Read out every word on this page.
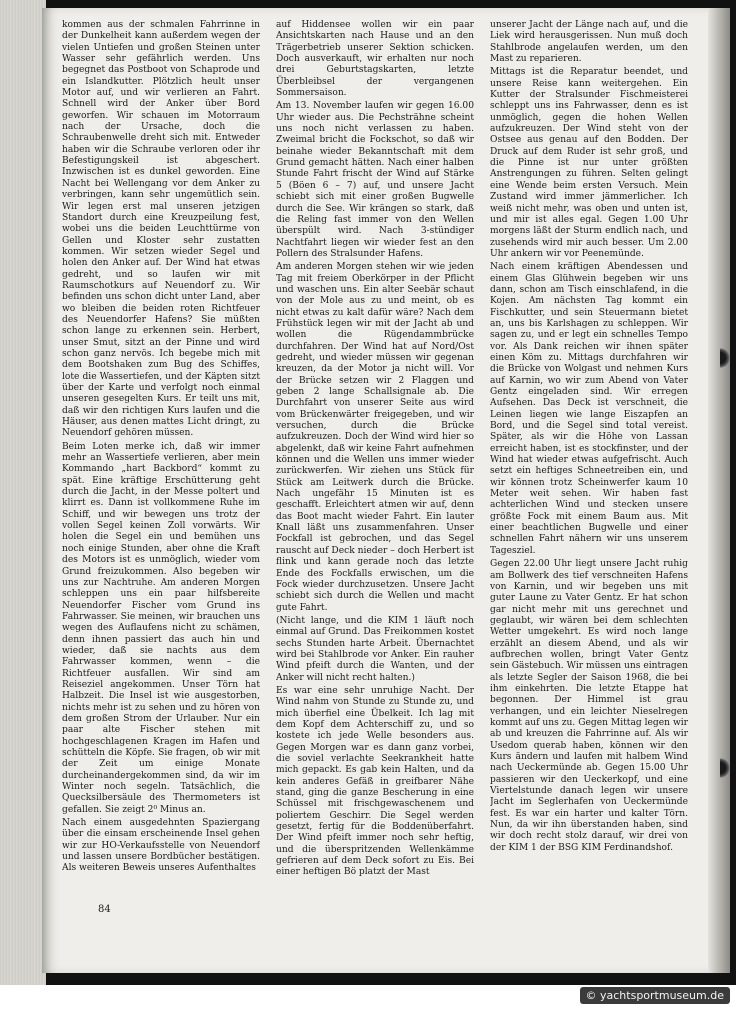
kommen aus der schmalen Fahrrinne in der Dunkelheit kann außerdem wegen der vielen Untiefen und großen Steinen unter Wasser sehr gefährlich werden. Uns begegnet das Postboot von Schaprode und ein Islandkutter. Plötzlich heult unser Motor auf, und wir verlieren an Fahrt. Schnell wird der Anker über Bord geworfen. Wir schauen im Motorraum nach der Ursache, doch die Schraubenwelle dreht sich mit. Entweder haben wir die Schraube verloren oder ihr Befestigungskeil ist abgeschert. Inzwischen ist es dunkel geworden. Eine Nacht bei Wellengang vor dem Anker zu verbringen, kann sehr ungemütlich sein. Wir legen erst mal unseren jetzigen Standort durch eine Kreuzpeilung fest, wobei uns die beiden Leuchttürme von Gellen und Kloster sehr zustatten kommen. Wir setzen wieder Segel und holen den Anker auf. Der Wind hat etwas gedreht, und so laufen wir mit Raumschotkurs auf Neuendorf zu. Wir befinden uns schon dicht unter Land, aber wo bleiben die beiden roten Richtfeuer des Neuendorfer Hafens? Sie müßten schon lange zu erkennen sein. Herbert, unser Smut, sitzt an der Pinne und wird schon ganz nervös. Ich begebe mich mit dem Bootshaken zum Bug des Schiffes, lote die Wassertiefen, und der Käpten sitzt über der Karte und verfolgt noch einmal unseren gesegelten Kurs. Er teilt uns mit, daß wir den richtigen Kurs laufen und die Häuser, aus denen mattes Licht dringt, zu Neuendorf gehören müssen.

Beim Loten merke ich, daß wir immer mehr an Wassertiefe verlieren, aber mein Kommando „hart Backbord“ kommt zu spät. Eine kräftige Erschütterung geht durch die Jacht, in der Messe poltert und klirrt es. Dann ist vollkommene Ruhe im Schiff, und wir bewegen uns trotz der vollen Segel keinen Zoll vorwärts. Wir holen die Segel ein und bemühen uns noch einige Stunden, aber ohne die Kraft des Motors ist es unmöglich, wieder vom Grund freizukommen. Also begeben wir uns zur Nachtruhe. Am anderen Morgen schleppen uns ein paar hilfsbereite Neuendorfer Fischer vom Grund ins Fahrwasser. Sie meinen, wir brauchen uns wegen des Auflaufens nicht zu schämen, denn ihnen passiert das auch hin und wieder, daß sie nachts aus dem Fahrwasser kommen, wenn – die Richtfeuer ausfallen. Wir sind am Reiseziel angekommen. Unser Törn hat Halbzeit. Die Insel ist wie ausgestorben, nichts mehr ist zu sehen und zu hören von dem großen Strom der Urlauber. Nur ein paar alte Fischer stehen mit hochgeschlagenen Kragen im Hafen und schütteln die Köpfe. Sie fragen, ob wir mit der Zeit um einige Monate durcheinandergekommen sind, da wir im Winter noch segeln. Tatsächlich, die Quecksilbersäule des Thermometers ist gefallen. Sie zeigt 2⁰ Minus an.

Nach einem ausgedehnten Spaziergang über die einsam erscheinende Insel gehen wir zur HO-Verkaufsstelle von Neuendorf und lassen unsere Bordbücher bestätigen. Als weiteren Beweis unseres Aufenthaltes

auf Hiddensee wollen wir ein paar Ansichtskarten nach Hause und an den Trägerbetrieb unserer Sektion schicken. Doch ausverkauft, wir erhalten nur noch drei Geburtstagskarten, letzte Überbleibsel der vergangenen Sommersaison.

Am 13. November laufen wir gegen 16.00 Uhr wieder aus. Die Pechsträhne scheint uns noch nicht verlassen zu haben. Zweimal bricht die Fockschot, so daß wir beinahe wieder Bekanntschaft mit dem Grund gemacht hätten. Nach einer halben Stunde Fahrt frischt der Wind auf Stärke 5 (Böen 6 – 7) auf, und unsere Jacht schiebt sich mit einer großen Bugwelle durch die See. Wir krängen so stark, daß die Reling fast immer von den Wellen überspült wird. Nach 3-stündiger Nachtfahrt liegen wir wieder fest an den Pollern des Stralsunder Hafens.

Am anderen Morgen stehen wir wie jeden Tag mit freiem Oberkörper in der Pflicht und waschen uns. Ein alter Seebär schaut von der Mole aus zu und meint, ob es nicht etwas zu kalt dafür wäre? Nach dem Frühstück legen wir mit der Jacht ab und wollen die Rügendammbrücke durchfahren. Der Wind hat auf Nord/Ost gedreht, und wieder müssen wir gegenan kreuzen, da der Motor ja nicht will. Vor der Brücke setzen wir 2 Flaggen und geben 2 lange Schallsignale ab. Die Durchfahrt von unserer Seite aus wird vom Brückenwärter freigegeben, und wir versuchen, durch die Brücke aufzukreuzen. Doch der Wind wird hier so abgelenkt, daß wir keine Fahrt aufnehmen können und die Wellen uns immer wieder zurückwerfen. Wir ziehen uns Stück für Stück am Leitwerk durch die Brücke. Nach ungefähr 15 Minuten ist es geschafft. Erleichtert atmen wir auf, denn das Boot macht wieder Fahrt. Ein lauter Knall läßt uns zusammenfahren. Unser Fockfall ist gebrochen, und das Segel rauscht auf Deck nieder – doch Herbert ist flink und kann gerade noch das letzte Ende des Fockfalls erwischen, um die Fock wieder durchzusetzen. Unsere Jacht schiebt sich durch die Wellen und macht gute Fahrt.

(Nicht lange, und die KIM 1 läuft noch einmal auf Grund. Das Freikommen kostet sechs Stunden harte Arbeit. Übernachtet wird bei Stahlbrode vor Anker. Ein rauher Wind pfeift durch die Wanten, und der Anker will nicht recht halten.)

Es war eine sehr unruhige Nacht. Der Wind nahm von Stunde zu Stunde zu, und mich überfiel eine Übelkeit. Ich lag mit dem Kopf dem Achterschiff zu, und so kostete ich jede Welle besonders aus. Gegen Morgen war es dann ganz vorbei, die soviel verlachte Seekrankheit hatte mich gepackt. Es gab kein Halten, und da kein anderes Gefäß in greifbarer Nähe stand, ging die ganze Bescherung in eine Schüssel mit frischgewaschenem und poliertem Geschirr. Die Segel werden gesetzt, fertig für die Boddenüberfahrt. Der Wind pfeift immer noch sehr heftig, und die überspritzenden Wellenkämme gefrieren auf dem Deck sofort zu Eis. Bei einer heftigen Bö platzt der Mast

unserer Jacht der Länge nach auf, und die Liek wird herausgerissen. Nun muß doch Stahlbrode angelaufen werden, um den Mast zu reparieren.

Mittags ist die Reparatur beendet, und unsere Reise kann weitergehen. Ein Kutter der Stralsunder Fischmeisterei schleppt uns ins Fahrwasser, denn es ist unmöglich, gegen die hohen Wellen aufzukreuzen. Der Wind steht von der Ostsee aus genau auf den Bodden. Der Druck auf dem Ruder ist sehr groß, und die Pinne ist nur unter größten Anstrengungen zu führen. Selten gelingt eine Wende beim ersten Versuch. Mein Zustand wird immer jämmerlicher. Ich weiß nicht mehr, was oben und unten ist, und mir ist alles egal. Gegen 1.00 Uhr morgens läßt der Sturm endlich nach, und zusehends wird mir auch besser. Um 2.00 Uhr ankern wir vor Peenemünde.

Nach einem kräftigen Abendessen und einem Glas Glühwein begeben wir uns dann, schon am Tisch einschlafend, in die Kojen. Am nächsten Tag kommt ein Fischkutter, und sein Steuermann bietet an, uns bis Karlshagen zu schleppen. Wir sagen zu, und er legt ein schnelles Tempo vor. Als Dank reichen wir ihnen später einen Köm zu. Mittags durchfahren wir die Brücke von Wolgast und nehmen Kurs auf Karnin, wo wir zum Abend von Vater Gentz eingeladen sind. Wir erregen Aufsehen. Das Deck ist verschneit, die Leinen liegen wie lange Eiszapfen an Bord, und die Segel sind total vereist. Später, als wir die Höhe von Lassan erreicht haben, ist es stockfinster, und der Wind hat wieder etwas aufgefrischt. Auch setzt ein heftiges Schneetreiben ein, und wir können trotz Scheinwerfer kaum 10 Meter weit sehen. Wir haben fast achterlichen Wind und stecken unsere größte Fock mit einem Baum aus. Mit einer beachtlichen Bugwelle und einer schnellen Fahrt nähern wir uns unserem Tagesziel.

Gegen 22.00 Uhr liegt unsere Jacht ruhig am Bollwerk des tief verschneiten Hafens von Karnin, und wir begeben uns mit guter Laune zu Vater Gentz. Er hat schon gar nicht mehr mit uns gerechnet und geglaubt, wir wären bei dem schlechten Wetter umgekehrt. Es wird noch lange erzählt an diesem Abend, und als wir aufbrechen wollen, bringt Vater Gentz sein Gästebuch. Wir müssen uns eintragen als letzte Segler der Saison 1968, die bei ihm einkehrten. Die letzte Etappe hat begonnen. Der Himmel ist grau verhangen, und ein leichter Nieselregen kommt auf uns zu. Gegen Mittag legen wir ab und kreuzen die Fahrrinne auf. Als wir Usedom querab haben, können wir den Kurs ändern und laufen mit halbem Wind nach Ueckermünde ab. Gegen 15.00 Uhr passieren wir den Ueckerkopf, und eine Viertelstunde danach legen wir unsere Jacht im Seglerhafen von Ueckermünde fest. Es war ein harter und kalter Törn. Nun, da wir ihn überstanden haben, sind wir doch recht stolz darauf, wir drei von der KIM 1 der BSG KIM Ferdinandshof.

84
© yachtsportmuseum.de
